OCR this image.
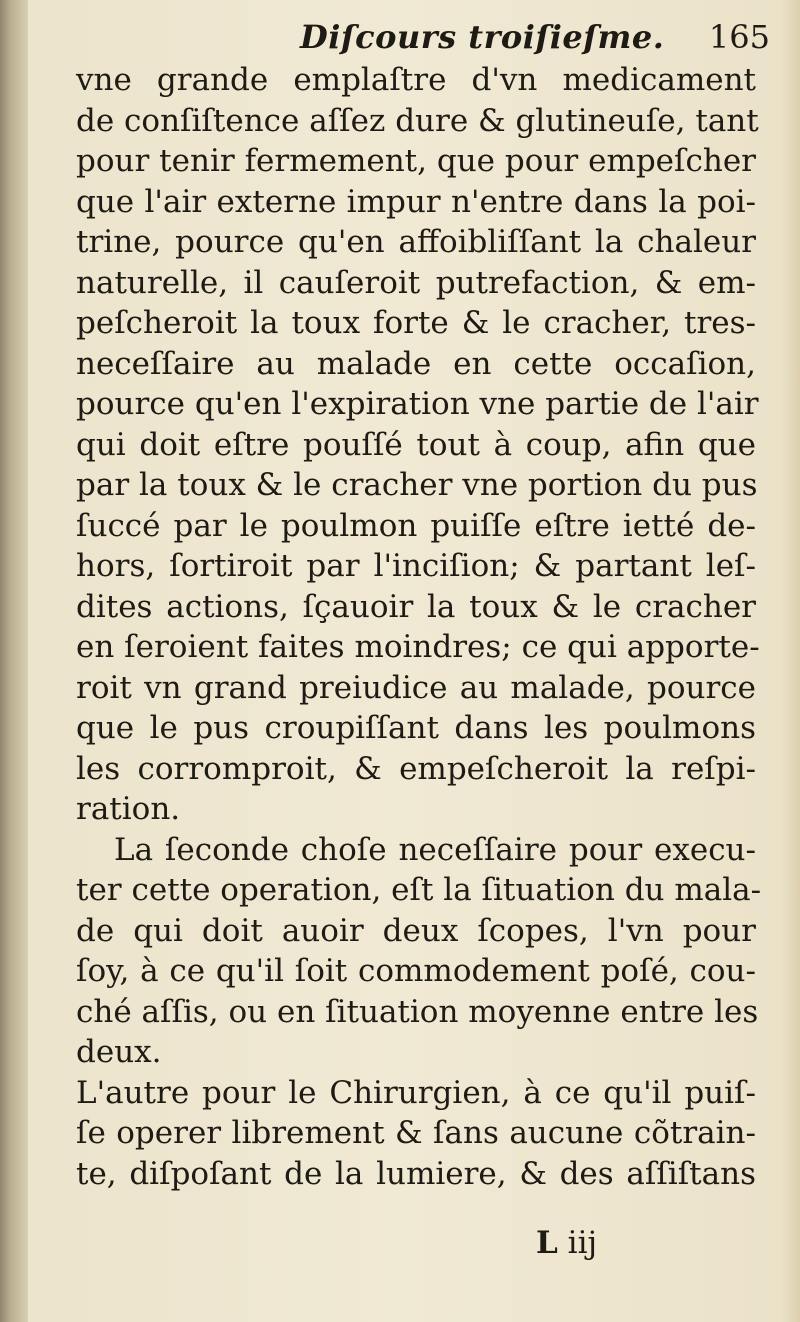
Diſcours troiſieſme. 165
vne grande emplaſtre d'vn medicament
de conſiſtence aſſez dure & glutineuſe, tant
pour tenir fermement, que pour empeſcher
que l'air externe impur n'entre dans la poi-
trine, pource qu'en affoibliſſant la chaleur
naturelle, il cauſeroit putrefaction, & em-
peſcheroit la toux forte & le cracher, tres-
neceſſaire au malade en cette occaſion,
pource qu'en l'expiration vne partie de l'air
qui doit eſtre pouſſé tout à coup, afin que
par la toux & le cracher vne portion du pus
ſuccé par le poulmon puiſſe eſtre ietté de-
hors, ſortiroit par l'inciſion; & partant leſ-
dites actions, ſçauoir la toux & le cracher
en ſeroient faites moindres; ce qui apporte-
roit vn grand preiudice au malade, pource
que le pus croupiſſant dans les poulmons
les corromproit, & empeſcheroit la reſpi-
ration.
La ſeconde choſe neceſſaire pour execu-
ter cette operation, eſt la ſituation du mala-
de qui doit auoir deux ſcopes, l'vn pour
ſoy, à ce qu'il ſoit commodement poſé, cou-
ché aſſis, ou en ſituation moyenne entre les
deux.
L'autre pour le Chirurgien, à ce qu'il puiſ-
ſe operer librement & ſans aucune cõtrain-
te, diſpoſant de la lumiere, & des aſſiſtans
L iij
